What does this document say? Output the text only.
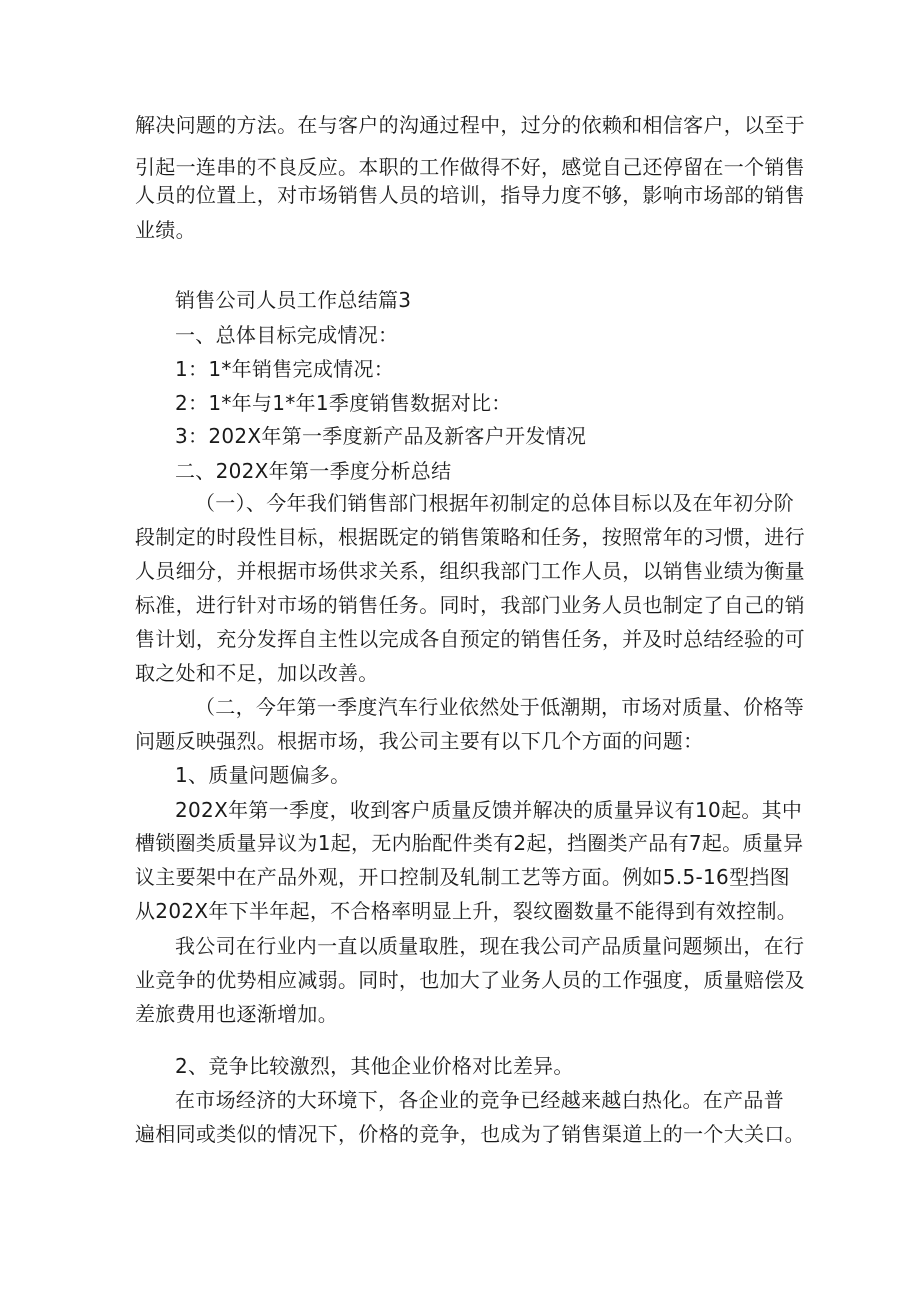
解决问题的方法。在与客户的沟通过程中，过分的依赖和相信客户，以至于
引起一连串的不良反应。本职的工作做得不好，感觉自己还停留在一个销售
人员的位置上，对市场销售人员的培训，指导力度不够，影响市场部的销售
业绩。
销售公司人员工作总结篇3
一、总体目标完成情况：
1：1*年销售完成情况：
2：1*年与1*年1季度销售数据对比：
3：202X年第一季度新产品及新客户开发情况
二、202X年第一季度分析总结
（一）、今年我们销售部门根据年初制定的总体目标以及在年初分阶
段制定的时段性目标，根据既定的销售策略和任务，按照常年的习惯，进行
人员细分，并根据市场供求关系，组织我部门工作人员，以销售业绩为衡量
标准，进行针对市场的销售任务。同时，我部门业务人员也制定了自己的销
售计划，充分发挥自主性以完成各自预定的销售任务，并及时总结经验的可
取之处和不足，加以改善。
（二，今年第一季度汽车行业依然处于低潮期，市场对质量、价格等
问题反映强烈。根据市场，我公司主要有以下几个方面的问题：
1、质量问题偏多。
202X年第一季度，收到客户质量反馈并解决的质量异议有10起。其中
槽锁圈类质量异议为1起，无内胎配件类有2起，挡圈类产品有7起。质量异
议主要架中在产品外观，开口控制及轧制工艺等方面。例如5.5-16型挡图
从202X年下半年起，不合格率明显上升，裂纹圈数量不能得到有效控制。
我公司在行业内一直以质量取胜，现在我公司产品质量问题频出，在行
业竞争的优势相应减弱。同时，也加大了业务人员的工作强度，质量赔偿及
差旅费用也逐渐增加。
2、竞争比较激烈，其他企业价格对比差异。
在市场经济的大环境下，各企业的竞争已经越来越白热化。在产品普
遍相同或类似的情况下，价格的竞争，也成为了销售渠道上的一个大关口。
